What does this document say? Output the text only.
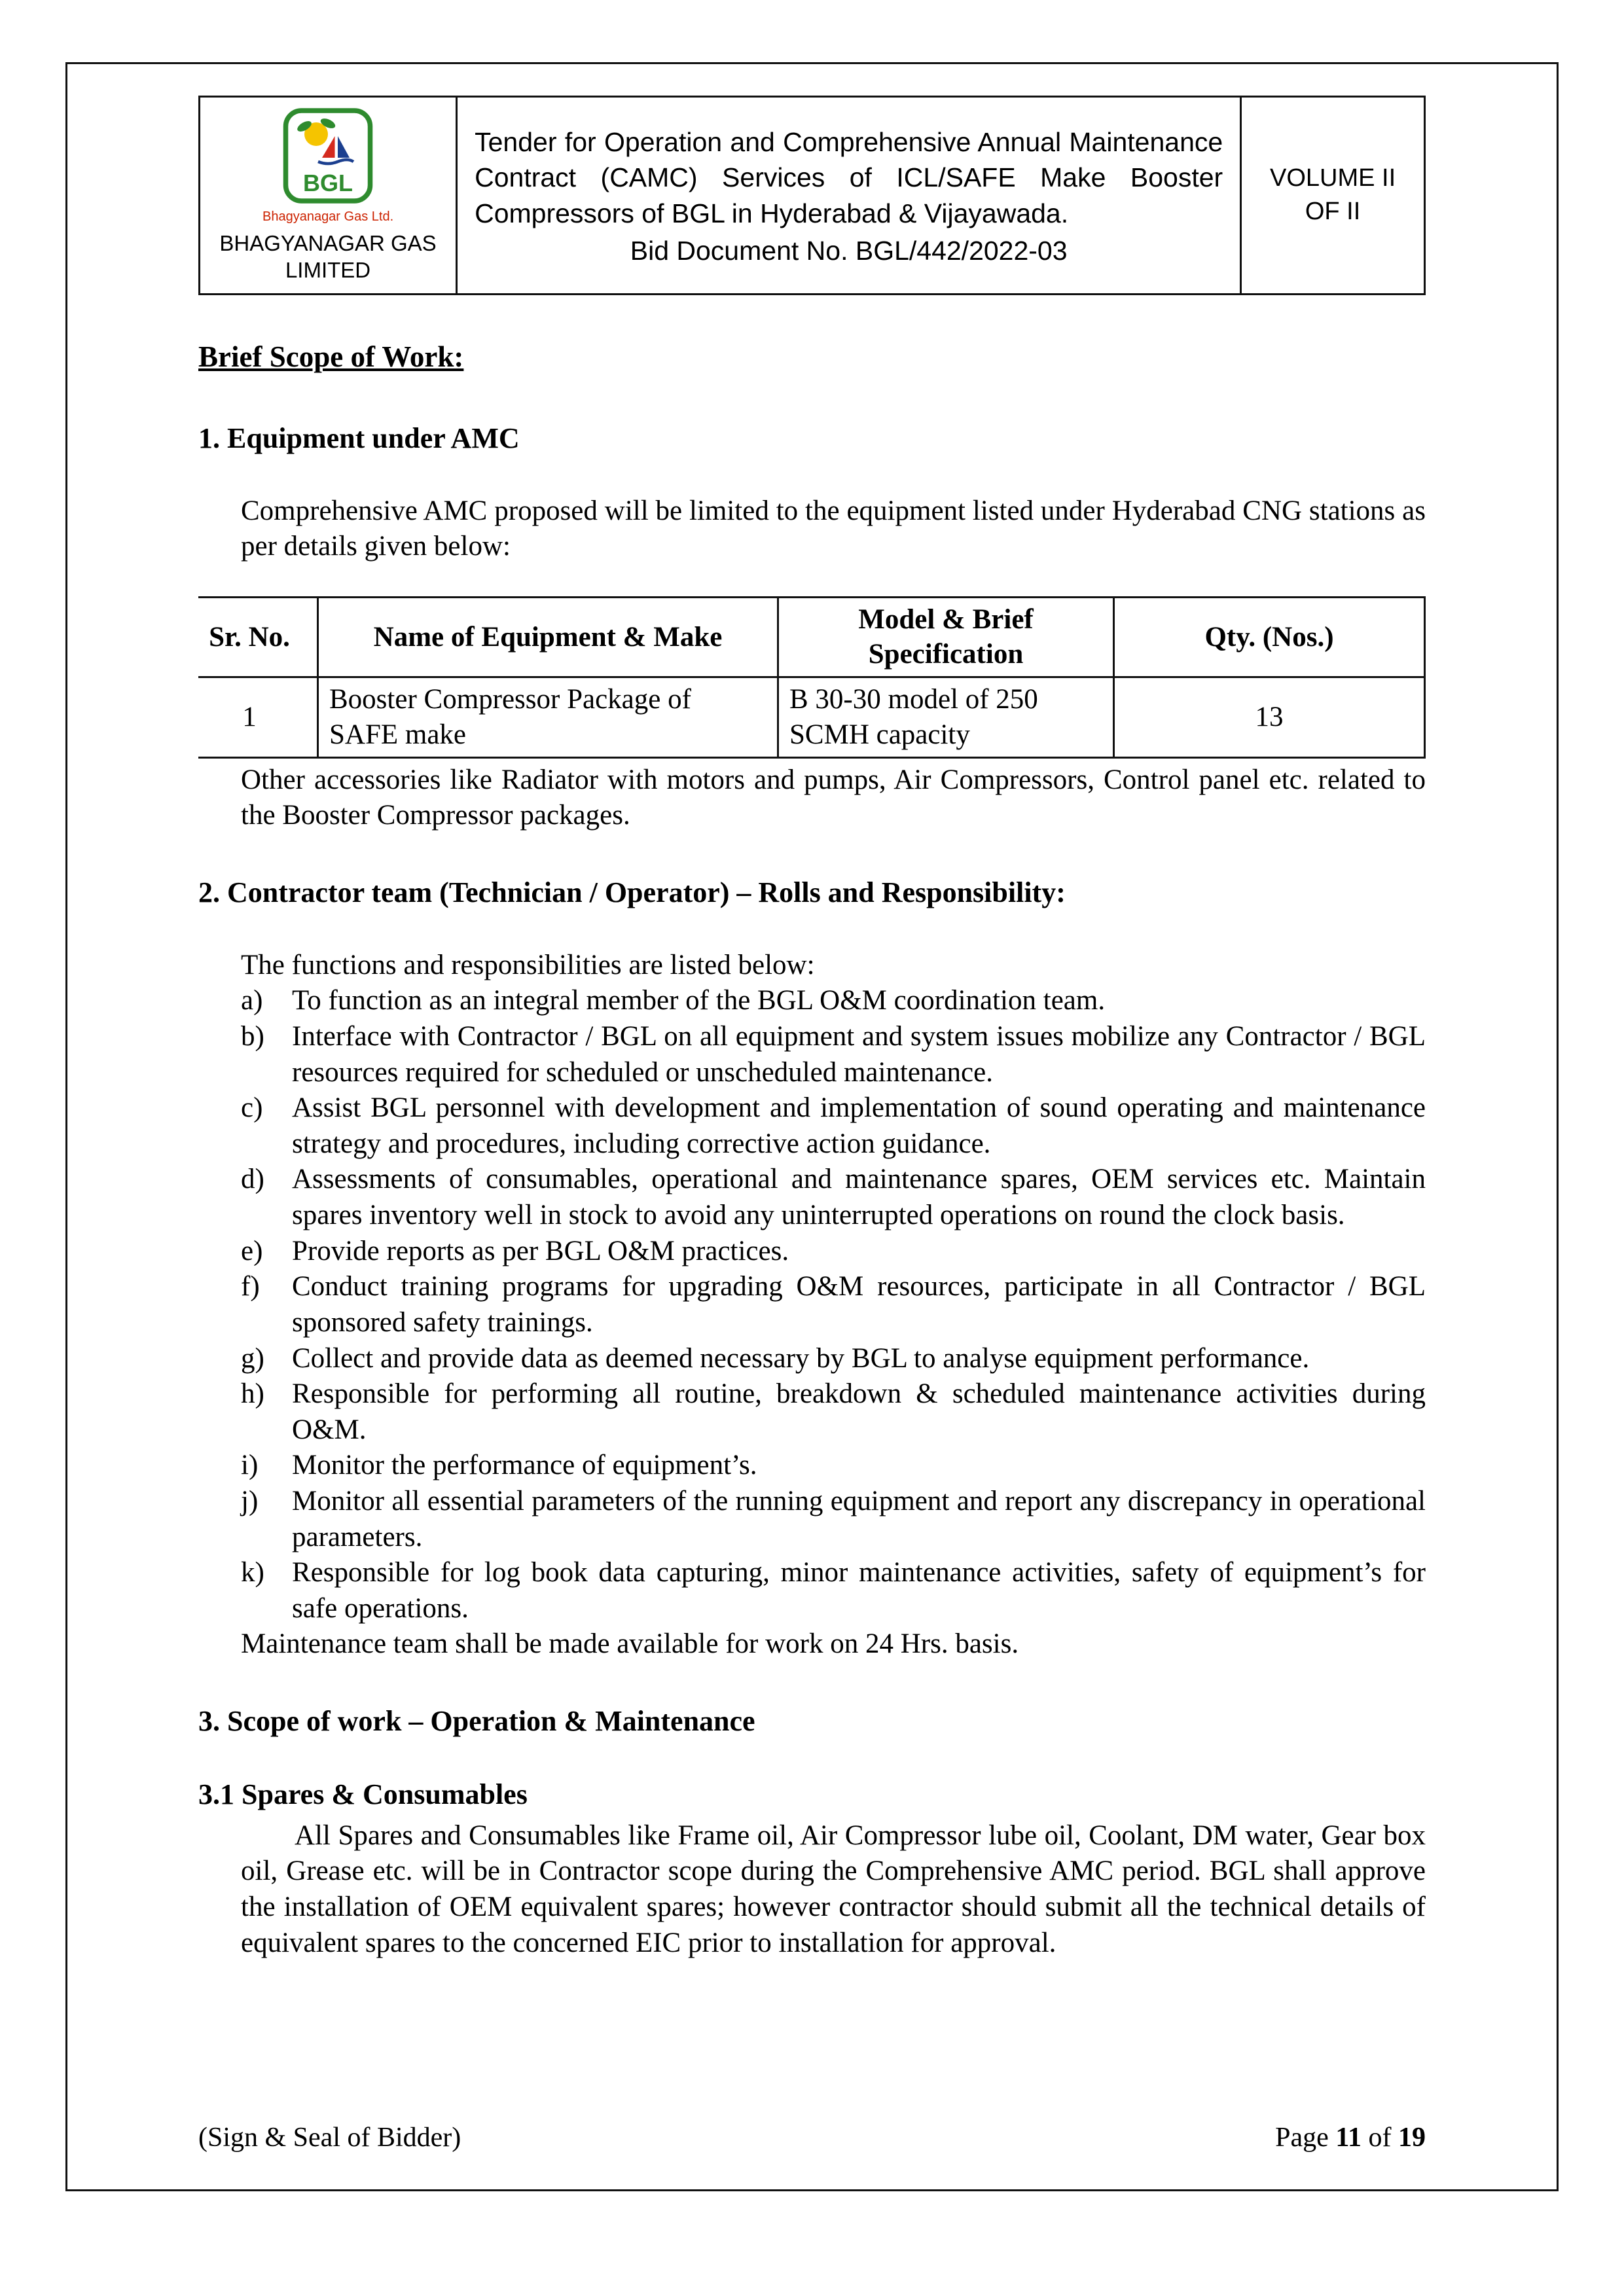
BGL
Bhagyanagar Gas Ltd.
BHAGYANAGAR GAS LIMITED

Tender for Operation and Comprehensive Annual Maintenance Contract (CAMC) Services of ICL/SAFE Make Booster Compressors of BGL in Hyderabad & Vijayawada.
Bid Document No. BGL/442/2022-03

VOLUME II
OF II
Brief Scope of Work:
1. Equipment under AMC

Comprehensive AMC proposed will be limited to the equipment listed under Hyderabad CNG stations as per details given below:

Sr. No.	Name of Equipment & Make	Model & Brief Specification	Qty. (Nos.)
1	Booster Compressor Package of SAFE make	B 30-30 model of 250 SCMH capacity	13

Other accessories like Radiator with motors and pumps, Air Compressors, Control panel etc. related to the Booster Compressor packages.

2. Contractor team (Technician / Operator) – Rolls and Responsibility:

The functions and responsibilities are listed below:

a)	To function as an integral member of the BGL O&M coordination team.
b) Interface with Contractor / BGL on all equipment and system issues mobilize any Contractor / BGL resources required for scheduled or unscheduled maintenance.
c)	Assist BGL personnel with development and implementation of sound operating and maintenance strategy and procedures, including corrective action guidance.
d) Assessments of consumables, operational and maintenance spares, OEM services etc. Maintain spares inventory well in stock to avoid any uninterrupted operations on round the clock basis.
e)	Provide reports as per BGL O&M practices.
f)	Conduct training programs for upgrading O&M resources, participate in all Contractor / BGL sponsored safety trainings.
g) Collect and provide data as deemed necessary by BGL to analyse equipment performance.
h) Responsible for performing all routine, breakdown & scheduled maintenance activities during O&M.
i)	Monitor the performance of equipment’s.
j)	Monitor all essential parameters of the running equipment and report any discrepancy in operational parameters.
k) Responsible for log book data capturing, minor maintenance activities, safety of equipment’s for safe operations.

Maintenance team shall be made available for work on 24 Hrs. basis.

3. Scope of work – Operation & Maintenance
3.1 Spares & Consumables

All Spares and Consumables like Frame oil, Air Compressor lube oil, Coolant, DM water, Gear box oil, Grease etc. will be in Contractor scope during the Comprehensive AMC period. BGL shall approve the installation of OEM equivalent spares; however contractor should submit all the technical details of equivalent spares to the concerned EIC prior to installation for approval.

(Sign & Seal of Bidder)	Page 11 of 19
